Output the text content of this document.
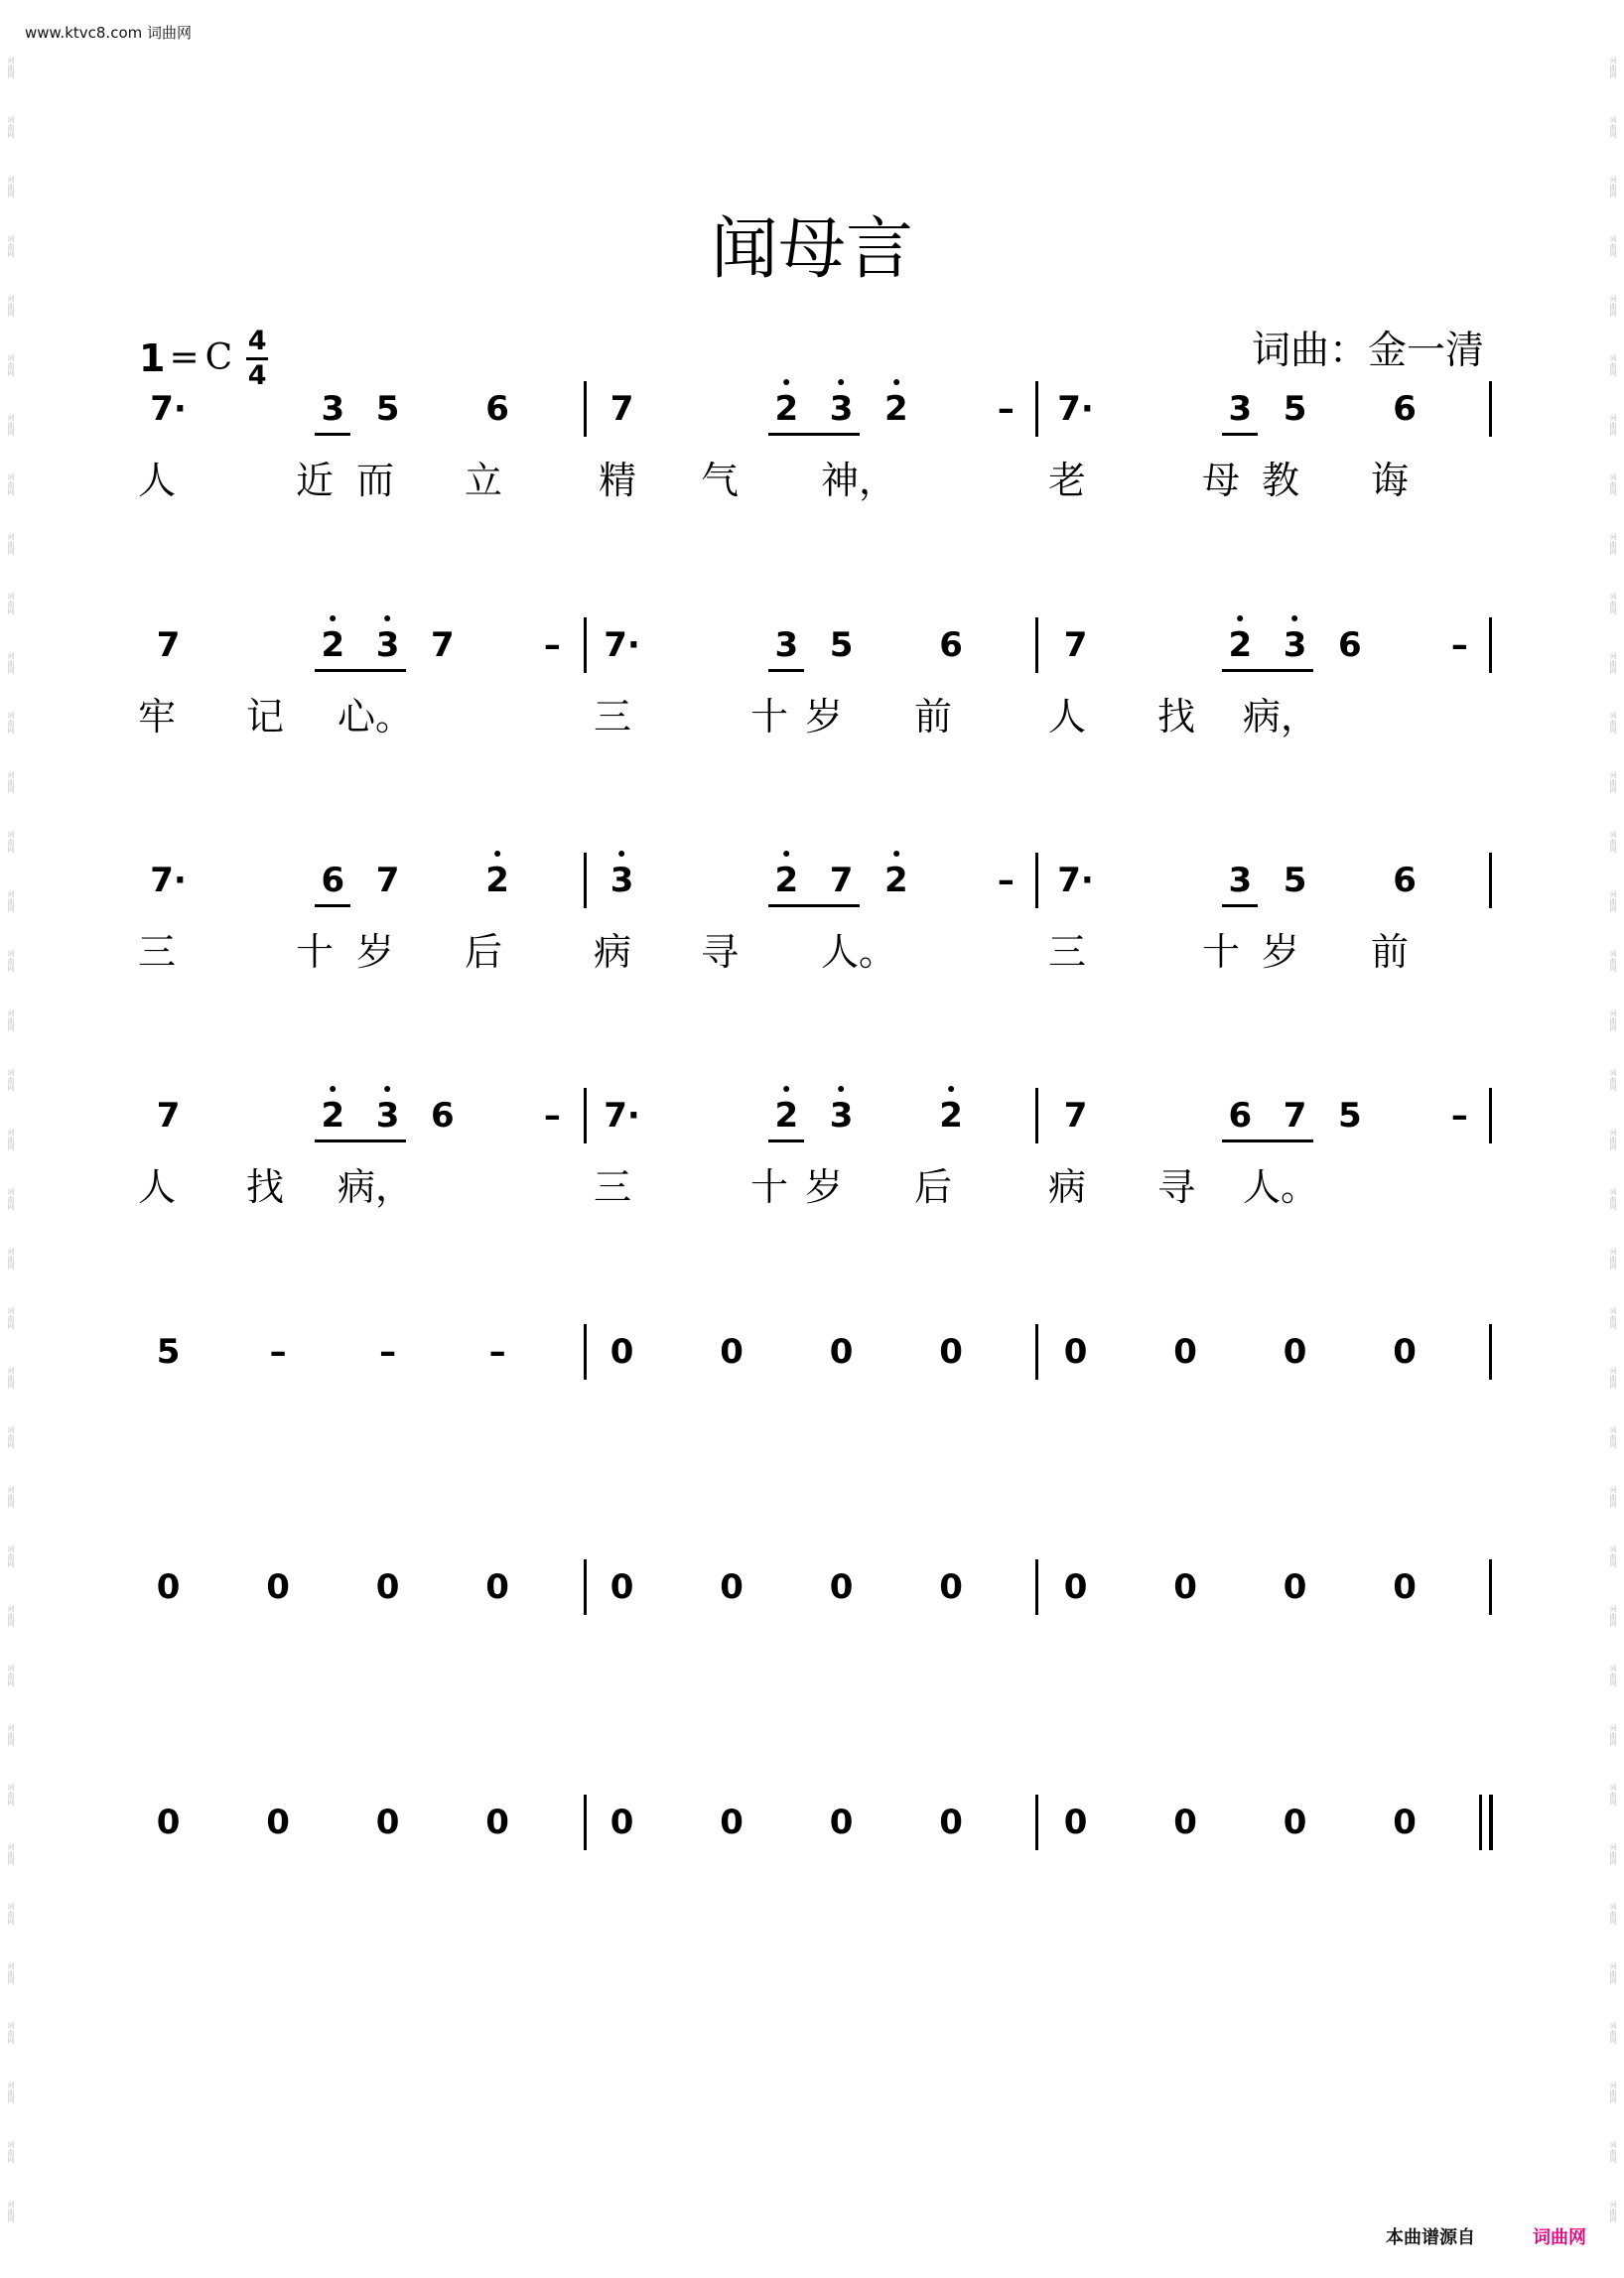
www.ktvc8.com 词曲网
词
曲
网
词
曲
网
词
曲
网
词
曲
网
词
曲
网
词
曲
网
词
曲
网
词
曲
网
词
曲
网
词
曲
网
词
曲
网
词
曲
网
词
曲
网
词
曲
网
词
曲
网
词
曲
网
词
曲
网
词
曲
网
词
曲
网
词
曲
网
词
曲
网
词
曲
网
词
曲
网
词
曲
网
词
曲
网
词
曲
网
词
曲
网
词
曲
网
词
曲
网
词
曲
网
词
曲
网
词
曲
网
词
曲
网
词
曲
网
词
曲
网
词
曲
网
词
曲
网
词
曲
网
词
曲
网
词
曲
网
词
曲
网
词
曲
网
词
曲
网
词
曲
网
词
曲
网
词
曲
网
词
曲
网
词
曲
网
词
曲
网
词
曲
网
词
曲
网
词
曲
网
词
曲
网
词
曲
网
词
曲
网
词
曲
网
词
曲
网
词
曲
网
词
曲
网
词
曲
网
词
曲
网
词
曲
网
词
曲
网
词
曲
网
词
曲
网
词
曲
网
词
曲
网
词
曲
网
词
曲
网
词
曲
网
词
曲
网
词
曲
网
词
曲
网
词
曲
网
闻母言
1 = C 4
4
词曲：金一清
7·	3 5	6	7	2 3 2	– 7·	3 5	6
7	2 3 7	– 7·	3 5	6	7	2 3 6	–
7·	6 7	2	3	2 7 2	– 7·	3 5	6
7	2 3 6	– 7·	2 3	2	7	6 7 5	–
5	–	–	–	0	0	0	0	0	0	0	0
0	0	0	0	0	0	0	0	0	0	0	0
0	0	0	0	0	0	0	0	0	0	0	0
人	近 而 立	精 气 神，	老	母 教 诲
牢 记 心。	三	十 岁 前	人 找 病，
三	十 岁 后 病 寻 人。	三	十 岁 前
人 找 病，	三	十 岁 后	病 寻 人。
本曲谱源自	词曲网
